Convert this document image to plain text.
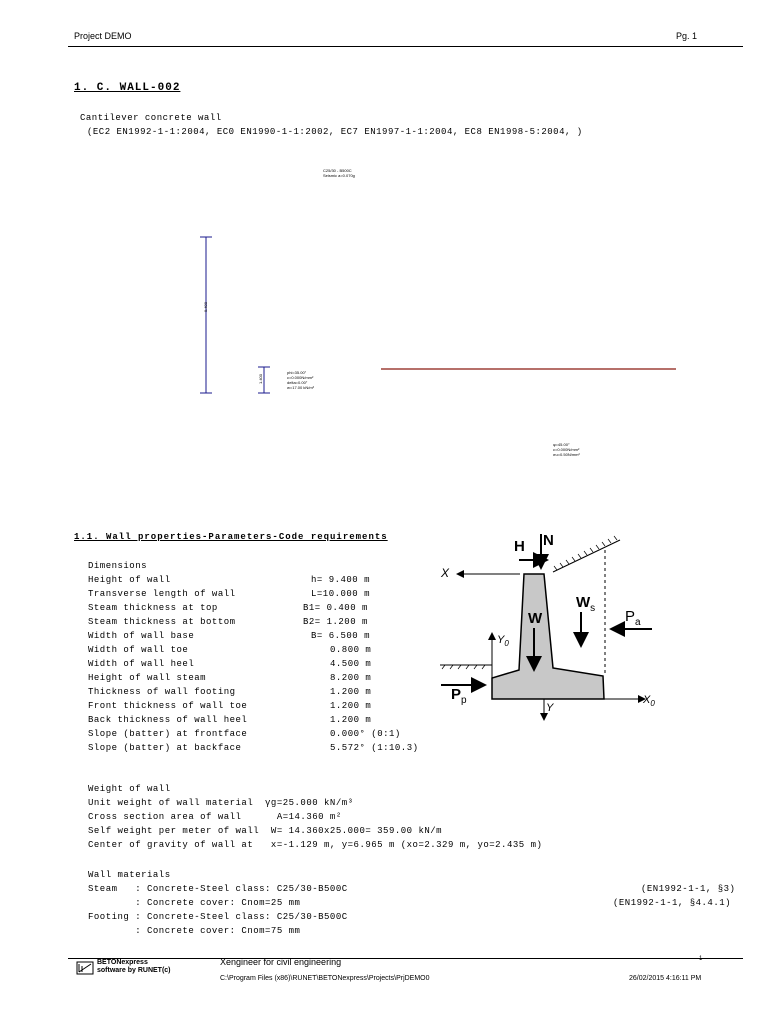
Project DEMO	Pg. 1
1. C. WALL-002
Cantilever concrete wall
(EC2 EN1992-1-1:2004, EC0 EN1990-1-1:2002, EC7 EN1997-1-1:2004, EC8 EN1998-5:2004, )
C25/30 - B500C
Seismic a=0.070g
9.400
1.400
phi=35.00°
c=0.000N/mm²
delta=0.00°
w=17.00 kN/m³
φ=45.00°
c=0.000N/mm²
σu=0.50N/mm²
1.1. Wall properties-Parameters-Code requirements
Dimensions
Height of wall	h= 9.400 m
Transverse length of wall	L=10.000 m
Steam thickness at top	B1= 0.400 m
Steam thickness at bottom	B2= 1.200 m
Width of wall base	B= 6.500 m
Width of wall toe	0.800 m
Width of wall heel	4.500 m
Height of wall steam	8.200 m
Thickness of wall footing	1.200 m
Front thickness of wall toe	1.200 m
Back thickness of wall heel	1.200 m
Slope (batter) at frontface	0.000° (0:1)
Slope (batter) at backface	5.572° (1:10.3)
N
H
X
W
$W_s$ $P_a$
$P_p$
$Y_0$
$X_0$
Y
Weight of wall
Unit weight of wall material  γg=25.000 kN/m³
Cross section area of wall      A=14.360 m²
Self weight per meter of wall  W= 14.360x25.000= 359.00 kN/m
Center of gravity of wall at   x=-1.129 m, y=6.965 m (xo=2.329 m, yo=2.435 m)
Wall materials
Steam   : Concrete-Steel class: C25/30-B500C	(EN1992-1-1, §3)
: Concrete cover: Cnom=25 mm	(EN1992-1-1, §4.4.1)
Footing : Concrete-Steel class: C25/30-B500C
: Concrete cover: Cnom=75 mm
BETONexpress
software by RUNET(c)
Xengineer for civil engineering	1
C:\Program Files (x86)\RUNET\BETONexpress\Projects\PrjDEMO0	26/02/2015 4:16:11 PM
